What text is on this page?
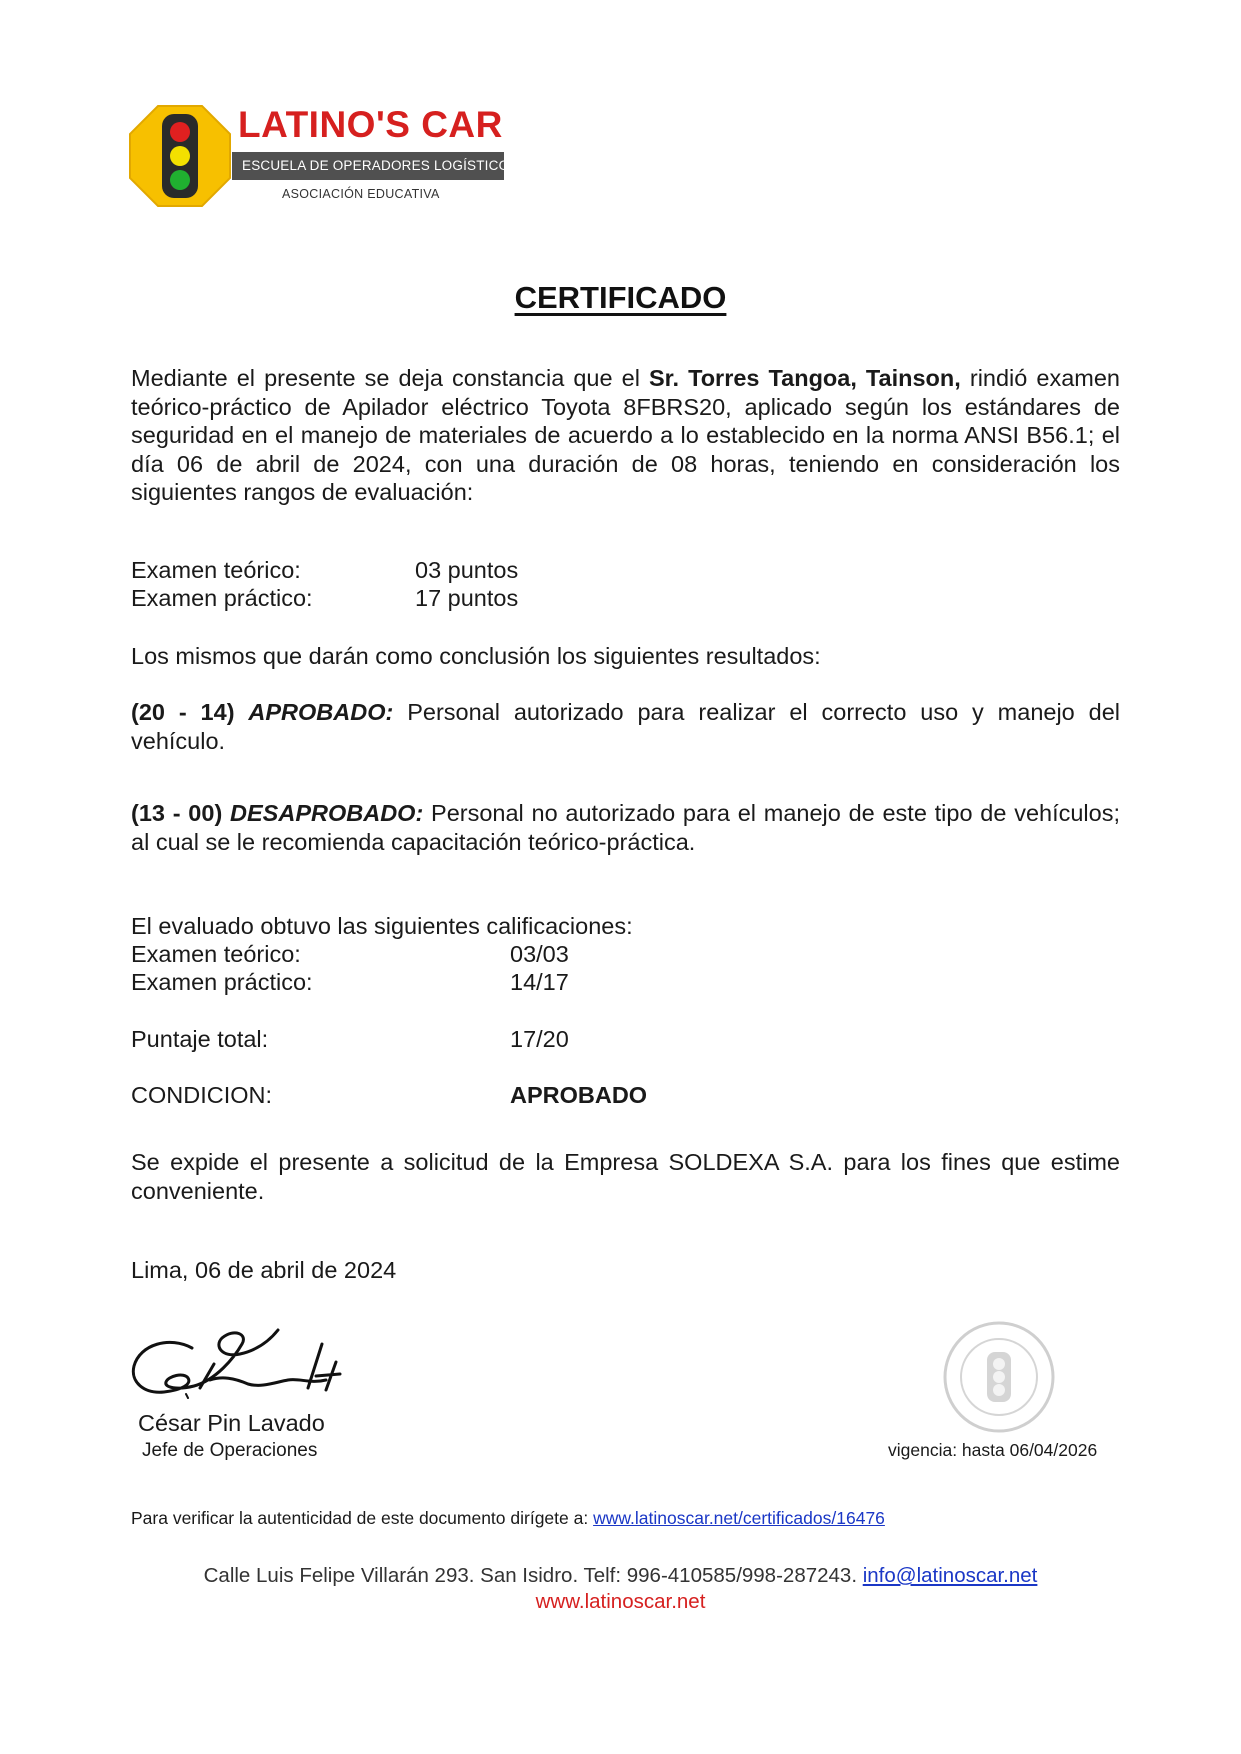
LATINO'S CAR
ESCUELA DE OPERADORES LOGÍSTICOS
ASOCIACIÓN EDUCATIVA
CERTIFICADO
Mediante el presente se deja constancia que el Sr. Torres Tangoa, Tainson, rindió examen teórico-práctico de Apilador eléctrico Toyota 8FBRS20, aplicado según los estándares de seguridad en el manejo de materiales de acuerdo a lo establecido en la norma ANSI B56.1; el día 06 de abril de 2024, con una duración de 08 horas, teniendo en consideración los siguientes rangos de evaluación:
Examen teórico:	03 puntos
Examen práctico:	17 puntos
Los mismos que darán como conclusión los siguientes resultados:
(20 - 14) APROBADO: Personal autorizado para realizar el correcto uso y manejo del vehículo.
(13 - 00) DESAPROBADO: Personal no autorizado para el manejo de este tipo de vehículos; al cual se le recomienda capacitación teórico-práctica.
El evaluado obtuvo las siguientes calificaciones:
Examen teórico:	03/03
Examen práctico:	14/17
Puntaje total:	17/20
CONDICION:	APROBADO
Se expide el presente a solicitud de la Empresa SOLDEXA S.A. para los fines que estime conveniente.
Lima, 06 de abril de 2024
César Pin Lavado
Jefe de Operaciones	vigencia: hasta 06/04/2026
Para verificar la autenticidad de este documento dirígete a: www.latinoscar.net/certificados/16476
Calle Luis Felipe Villarán 293. San Isidro. Telf: 996-410585/998-287243. info@latinoscar.net
www.latinoscar.net
